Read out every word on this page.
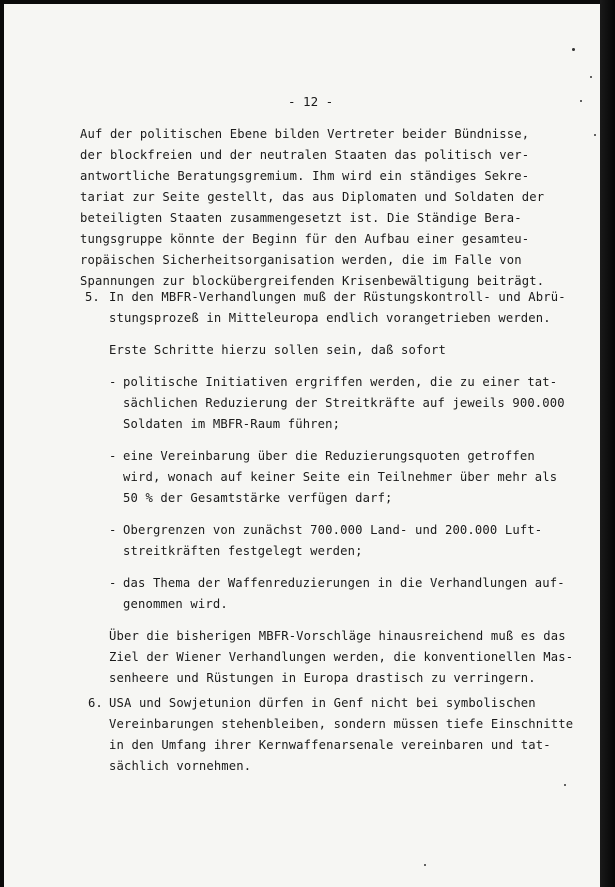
- 12 -
Auf der politischen Ebene bilden Vertreter beider Bündnisse,
der blockfreien und der neutralen Staaten das politisch ver-
antwortliche Beratungsgremium. Ihm wird ein ständiges Sekre-
tariat zur Seite gestellt, das aus Diplomaten und Soldaten der
beteiligten Staaten zusammengesetzt ist. Die Ständige Bera-
tungsgruppe könnte der Beginn für den Aufbau einer gesamteu-
ropäischen Sicherheitsorganisation werden, die im Falle von
Spannungen zur blockübergreifenden Krisenbewältigung beiträgt.
5. In den MBFR-Verhandlungen muß der Rüstungskontroll- und Abrü-
stungsprozeß in Mitteleuropa endlich vorangetrieben werden.
Erste Schritte hierzu sollen sein, daß sofort
- politische Initiativen ergriffen werden, die zu einer tat-
sächlichen Reduzierung der Streitkräfte auf jeweils 900.000
Soldaten im MBFR-Raum führen;
- eine Vereinbarung über die Reduzierungsquoten getroffen
wird, wonach auf keiner Seite ein Teilnehmer über mehr als
50 % der Gesamtstärke verfügen darf;
- Obergrenzen von zunächst 700.000 Land- und 200.000 Luft-
streitkräften festgelegt werden;
- das Thema der Waffenreduzierungen in die Verhandlungen auf-
genommen wird.
Über die bisherigen MBFR-Vorschläge hinausreichend muß es das
Ziel der Wiener Verhandlungen werden, die konventionellen Mas-
senheere und Rüstungen in Europa drastisch zu verringern.
6. USA und Sowjetunion dürfen in Genf nicht bei symbolischen
Vereinbarungen stehenbleiben, sondern müssen tiefe Einschnitte
in den Umfang ihrer Kernwaffenarsenale vereinbaren und tat-
sächlich vornehmen.
